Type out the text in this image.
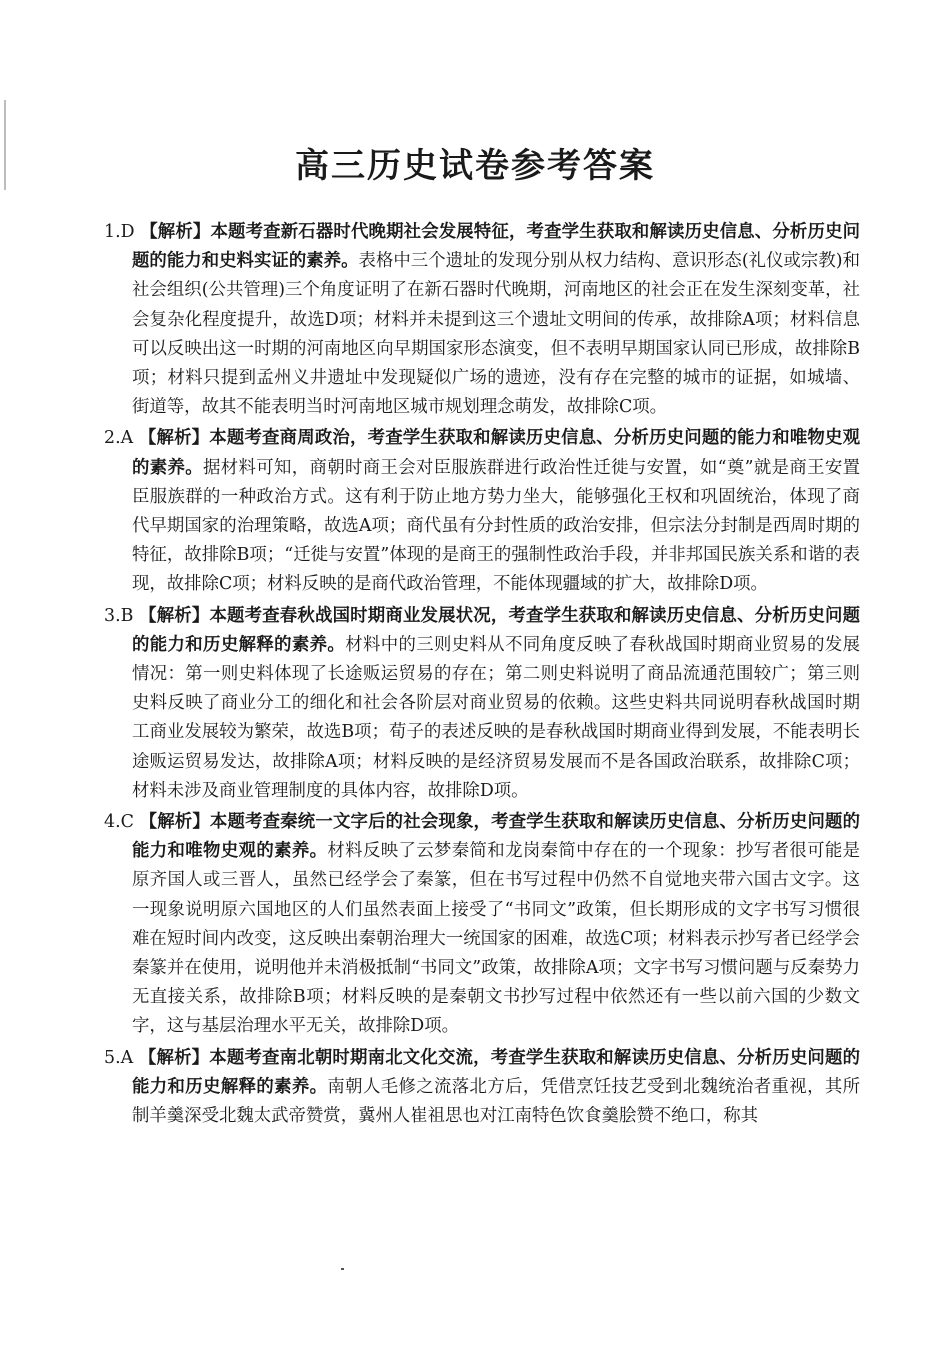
高三历史试卷参考答案

1.D 【解析】本题考查新石器时代晚期社会发展特征，考查学生获取和解读历史信息、分析历史问题的能力和史料实证的素养。表格中三个遗址的发现分别从权力结构、意识形态(礼仪或宗教)和社会组织(公共管理)三个角度证明了在新石器时代晚期，河南地区的社会正在发生深刻变革，社会复杂化程度提升，故选D项；材料并未提到这三个遗址文明间的传承，故排除A项；材料信息可以反映出这一时期的河南地区向早期国家形态演变，但不表明早期国家认同已形成，故排除B项；材料只提到孟州义井遗址中发现疑似广场的遗迹，没有存在完整的城市的证据，如城墙、街道等，故其不能表明当时河南地区城市规划理念萌发，故排除C项。

2.A 【解析】本题考查商周政治，考查学生获取和解读历史信息、分析历史问题的能力和唯物史观的素养。据材料可知，商朝时商王会对臣服族群进行政治性迁徙与安置，如“奠”就是商王安置臣服族群的一种政治方式。这有利于防止地方势力坐大，能够强化王权和巩固统治，体现了商代早期国家的治理策略，故选A项；商代虽有分封性质的政治安排，但宗法分封制是西周时期的特征，故排除B项；“迁徙与安置”体现的是商王的强制性政治手段，并非邦国民族关系和谐的表现，故排除C项；材料反映的是商代政治管理，不能体现疆域的扩大，故排除D项。

3.B 【解析】本题考查春秋战国时期商业发展状况，考查学生获取和解读历史信息、分析历史问题的能力和历史解释的素养。材料中的三则史料从不同角度反映了春秋战国时期商业贸易的发展情况：第一则史料体现了长途贩运贸易的存在；第二则史料说明了商品流通范围较广；第三则史料反映了商业分工的细化和社会各阶层对商业贸易的依赖。这些史料共同说明春秋战国时期工商业发展较为繁荣，故选B项；荀子的表述反映的是春秋战国时期商业得到发展，不能表明长途贩运贸易发达，故排除A项；材料反映的是经济贸易发展而不是各国政治联系，故排除C项；材料未涉及商业管理制度的具体内容，故排除D项。

4.C 【解析】本题考查秦统一文字后的社会现象，考查学生获取和解读历史信息、分析历史问题的能力和唯物史观的素养。材料反映了云梦秦简和龙岗秦简中存在的一个现象：抄写者很可能是原齐国人或三晋人，虽然已经学会了秦篆，但在书写过程中仍然不自觉地夹带六国古文字。这一现象说明原六国地区的人们虽然表面上接受了“书同文”政策，但长期形成的文字书写习惯很难在短时间内改变，这反映出秦朝治理大一统国家的困难，故选C项；材料表示抄写者已经学会秦篆并在使用，说明他并未消极抵制“书同文”政策，故排除A项；文字书写习惯问题与反秦势力无直接关系，故排除B项；材料反映的是秦朝文书抄写过程中依然还有一些以前六国的少数文字，这与基层治理水平无关，故排除D项。

5.A 【解析】本题考查南北朝时期南北文化交流，考查学生获取和解读历史信息、分析历史问题的能力和历史解释的素养。南朝人毛修之流落北方后，凭借烹饪技艺受到北魏统治者重视，其所制羊羹深受北魏太武帝赞赏，冀州人崔祖思也对江南特色饮食羹脍赞不绝口，称其
